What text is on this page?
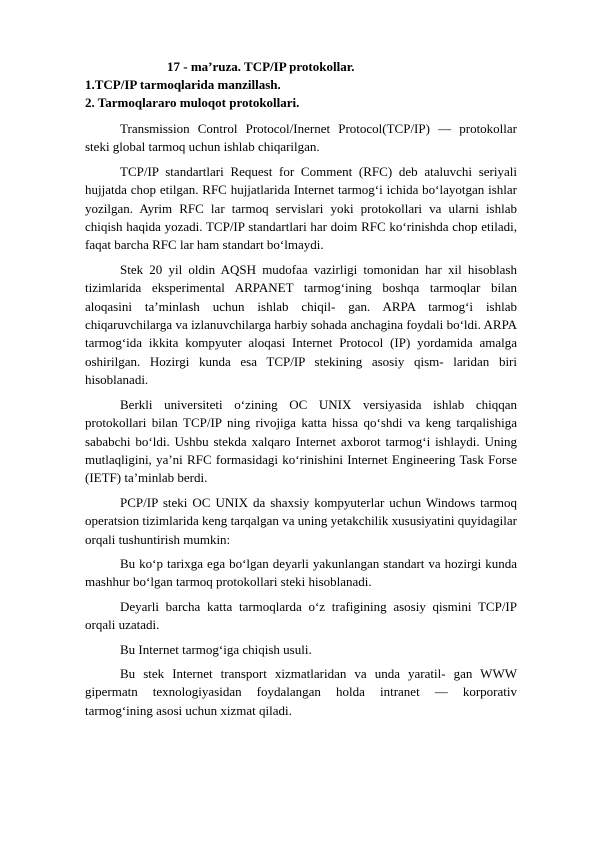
17 - ma’ruza. TCP/IP protokollar.
1.TCP/IP tarmoqlarida manzillash.
2. Tarmoqlararo muloqot protokollari.

Transmission Control Protocol/Inernet Protocol(TCP/IP) — protokollar steki global tarmoq uchun ishlab chiqarilgan.

TCP/IP standartlari Request for Comment (RFC) deb ataluvchi seriyali hujjatda chop etilgan. RFC hujjatlarida Internet tarmog‘i ichida bo‘layotgan ishlar yozilgan. Ayrim RFC lar tarmoq servislari yoki protokollari va ularni ishlab chiqish haqida yozadi. TCP/IP standartlari har doim RFC ko‘rinishda chop etiladi, faqat barcha RFC lar ham standart bo‘lmaydi.

Stek 20 yil oldin AQSH mudofaa vazirligi tomonidan har xil hisoblash tizimlarida eksperimental ARPANET tarmog‘ining boshqa tarmoqlar bilan aloqasini ta’minlash uchun ishlab chiqil- gan. ARPA tarmog‘i ishlab chiqaruvchilarga va izlanuvchilarga harbiy sohada anchagina foydali bo‘ldi. ARPA tarmog‘ida ikkita kompyuter aloqasi Internet Protocol (IP) yordamida amalga oshirilgan. Hozirgi kunda esa TCP/IP stekining asosiy qism- laridan biri hisoblanadi.

Berkli universiteti o‘zining OC UNIX versiyasida ishlab chiqqan protokollari bilan TCP/IP ning rivojiga katta hissa qo‘shdi va keng tarqalishiga sababchi bo‘ldi. Ushbu stekda xalqaro Internet axborot tarmog‘i ishlaydi. Uning mutlaqligini, ya’ni RFC formasidagi ko‘rinishini Internet Engineering Task Forse (IETF) ta’minlab berdi.

PCP/IP steki OC UNIX da shaxsiy kompyuterlar uchun Windows tarmoq operatsion tizimlarida keng tarqalgan va uning yetakchilik xususiyatini quyidagilar orqali tushuntirish mumkin:

Bu ko‘p tarixga ega bo‘lgan deyarli yakunlangan standart va hozirgi kunda mashhur bo‘lgan tarmoq protokollari steki hisoblanadi.

Deyarli barcha katta tarmoqlarda o‘z trafigining asosiy qismini TCP/IP orqali uzatadi.

Bu Internet tarmog‘iga chiqish usuli.

Bu stek Internet transport xizmatlaridan va unda yaratil- gan WWW gipermatn texnologiyasidan foydalangan holda intranet — korporativ tarmog‘ining asosi uchun xizmat qiladi.
